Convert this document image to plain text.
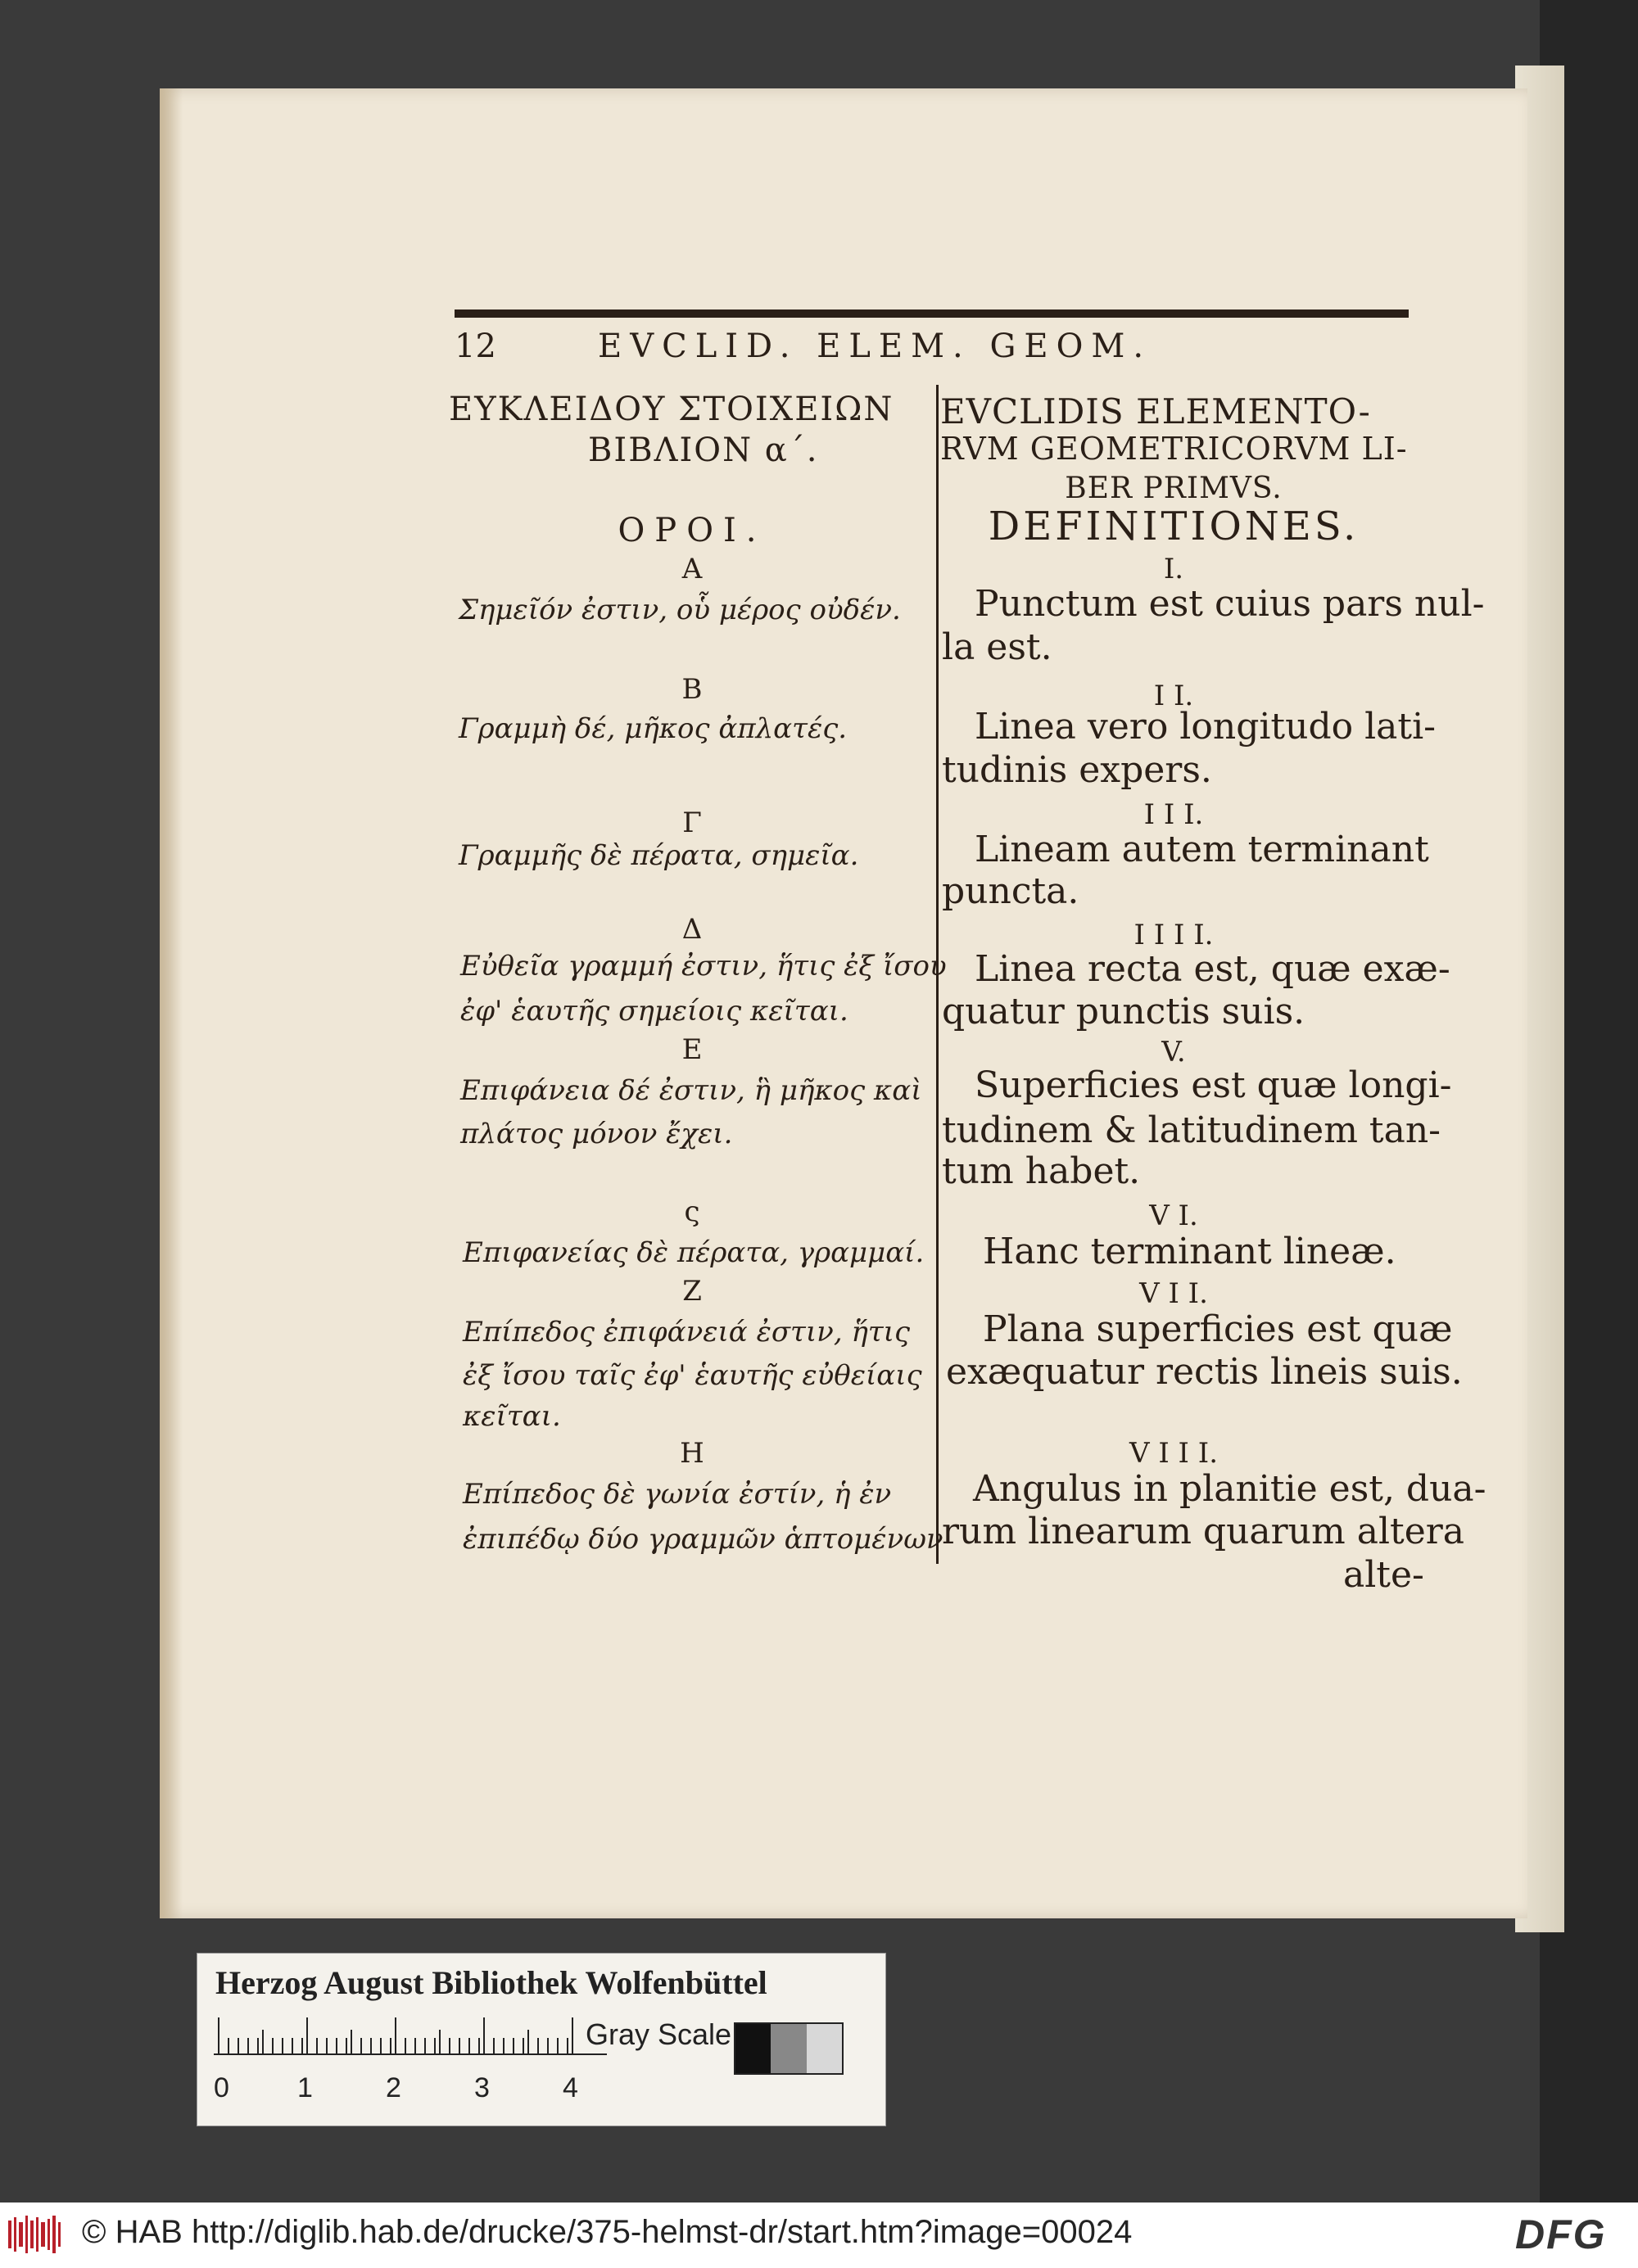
12	EVCLID. ELEM. GEOM.
ΕΥΚΛΕΙΔΟΥ ΣΤΟΙΧΕΙΩΝ
ΒΙΒΛΙΟΝ α΄.
ΟΡΟΙ.
Α
Σημεῖόν ἐστιν, οὗ μέρος οὐδέν.
Β
Γραμμὴ δέ, μῆκος ἀπλατές.
Γ
Γραμμῆς δὲ πέρατα, σημεῖα.
Δ
Εὐθεῖα γραμμή ἐστιν, ἥτις ἐξ ἴσου
ἐφ' ἑαυτῆς σημείοις κεῖται.
Ε
Επιφάνεια δέ ἐστιν, ἣ μῆκος καὶ
πλάτος μόνον ἔχει.
ς
Επιφανείας δὲ πέρατα, γραμμαί.
Ζ
Επίπεδος ἐπιφάνειά ἐστιν, ἥτις
ἐξ ἴσου ταῖς ἐφ' ἑαυτῆς εὐθείαις
κεῖται.
Η
Επίπεδος δὲ γωνία ἐστίν, ἡ ἐν
ἐπιπέδῳ δύο γραμμῶν ἁπτομένων
EVCLIDIS ELEMENTO-
RVM GEOMETRICORVM LI-
BER PRIMVS.
DEFINITIONES.
I.
Punctum est cuius pars nul-
la est.
I I.
Linea vero longitudo lati-
tudinis expers.
I I I.
Lineam autem terminant
puncta.
I I I I.
Linea recta est, quæ exæ-
quatur punctis suis.
V.
Superficies est quæ longi-
tudinem & latitudinem tan-
tum habet.
V I.
Hanc terminant lineæ.
V I I.
Plana superficies est quæ
exæquatur rectis lineis suis.
V I I I.
Angulus in planitie est, dua-
rum linearum quarum altera
alte-
Herzog August Bibliothek Wolfenbüttel
Gray Scale
0 1	2	3	4
© HAB http://diglib.hab.de/drucke/375-helmst-dr/start.htm?image=00024	DFG
